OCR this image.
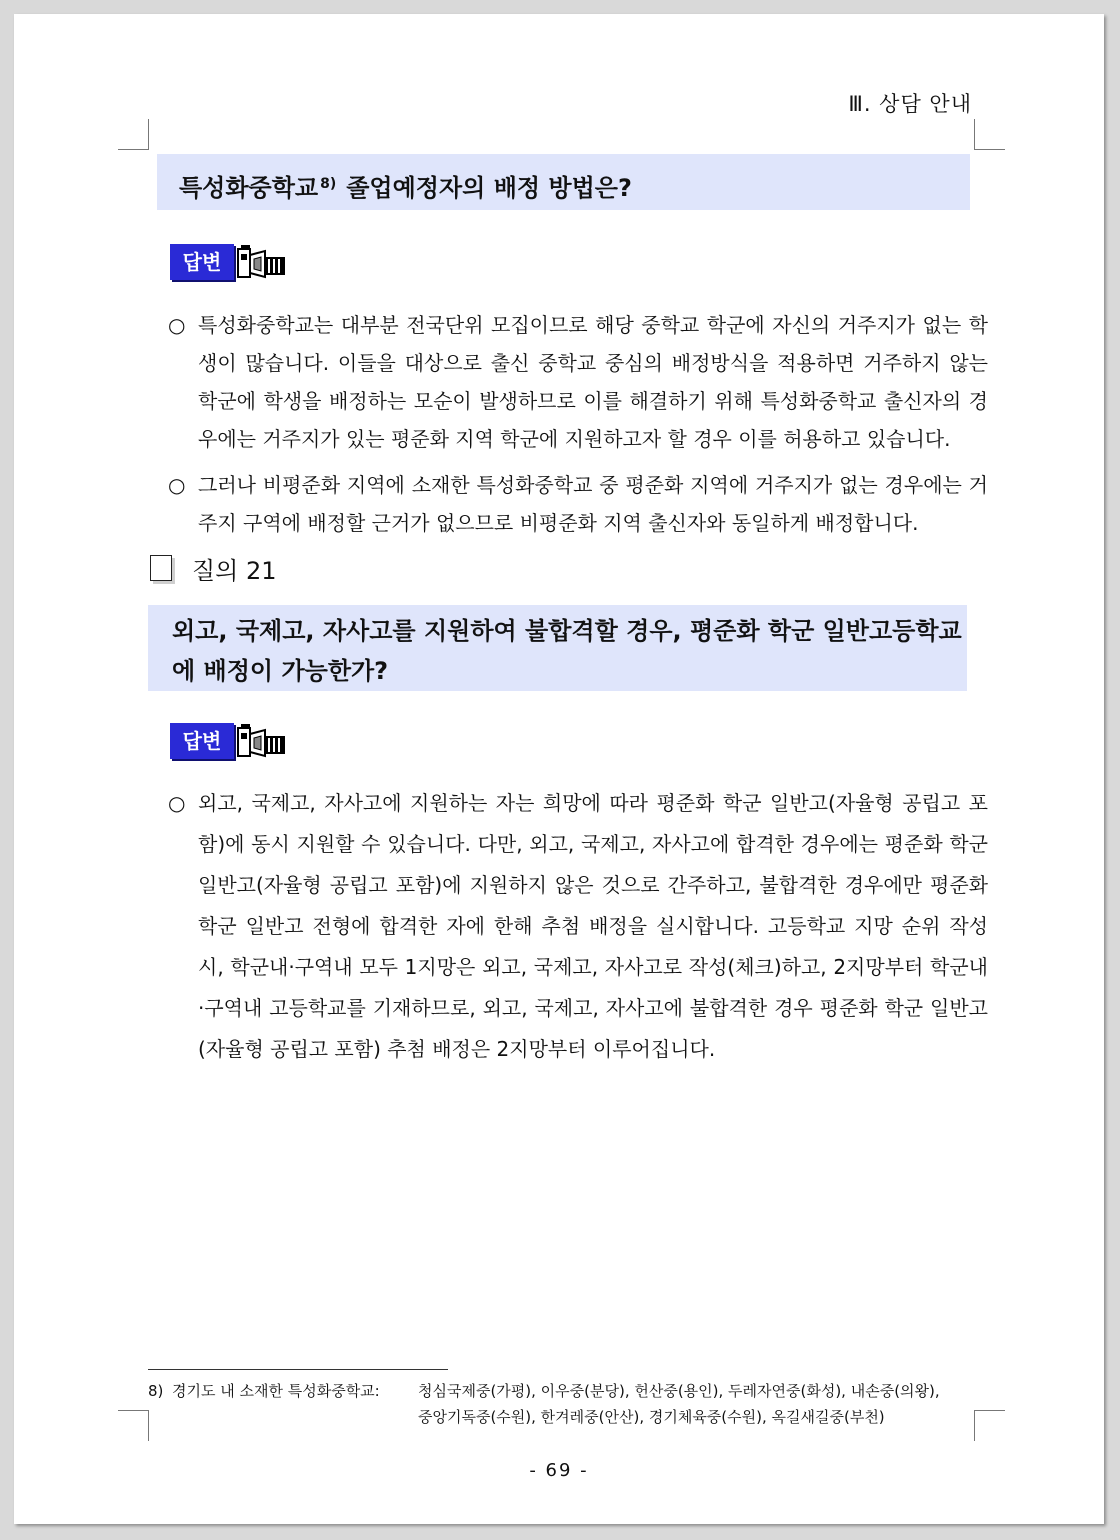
Ⅲ. 상담 안내
특성화중학교 $^{8)}$ 졸업예정자의 배정 방법은?
답변
○ 특성화중학교는 대부분 전국단위 모집이므로 해당 중학교 학군에 자신의 거주지가 없는 학생이 많습니다. 이들을 대상으로 출신 중학교 중심의 배정방식을 적용하면 거주하지 않는 학군에 학생을 배정하는 모순이 발생하므로 이를 해결하기 위해 특성화중학교 출신자의 경우에는 거주지가 있는 평준화 지역 학군에 지원하고자 할 경우 이를 허용하고 있습니다.
○ 그러나 비평준화 지역에 소재한 특성화중학교 중 평준화 지역에 거주지가 없는 경우에는 거주지 구역에 배정할 근거가 없으므로 비평준화 지역 출신자와 동일하게 배정합니다.
질의 21
외고, 국제고, 자사고를 지원하여 불합격할 경우, 평준화 학군 일반고등학교에 배정이 가능한가?
답변
○ 외고, 국제고, 자사고에 지원하는 자는 희망에 따라 평준화 학군 일반고(자율형 공립고 포함)에 동시 지원할 수 있습니다. 다만, 외고, 국제고, 자사고에 합격한 경우에는 평준화 학군 일반고(자율형 공립고 포함)에 지원하지 않은 것으로 간주하고, 불합격한 경우에만 평준화 학군 일반고 전형에 합격한 자에 한해 추첨 배정을 실시합니다. 고등학교 지망 순위 작성 시, 학군내·구역내 모두 1지망은 외고, 국제고, 자사고로 작성(체크)하고, 2지망부터 학군내·구역내 고등학교를 기재하므로, 외고, 국제고, 자사고에 불합격한 경우 평준화 학군 일반고(자율형 공립고 포함) 추첨 배정은 2지망부터 이루어집니다.
8) 경기도 내 소재한 특성화중학교:	청심국제중(가평), 이우중(분당), 헌산중(용인), 두레자연중(화성), 내손중(의왕),
중앙기독중(수원), 한겨레중(안산), 경기체육중(수원), 옥길새길중(부천)
- 69 -
